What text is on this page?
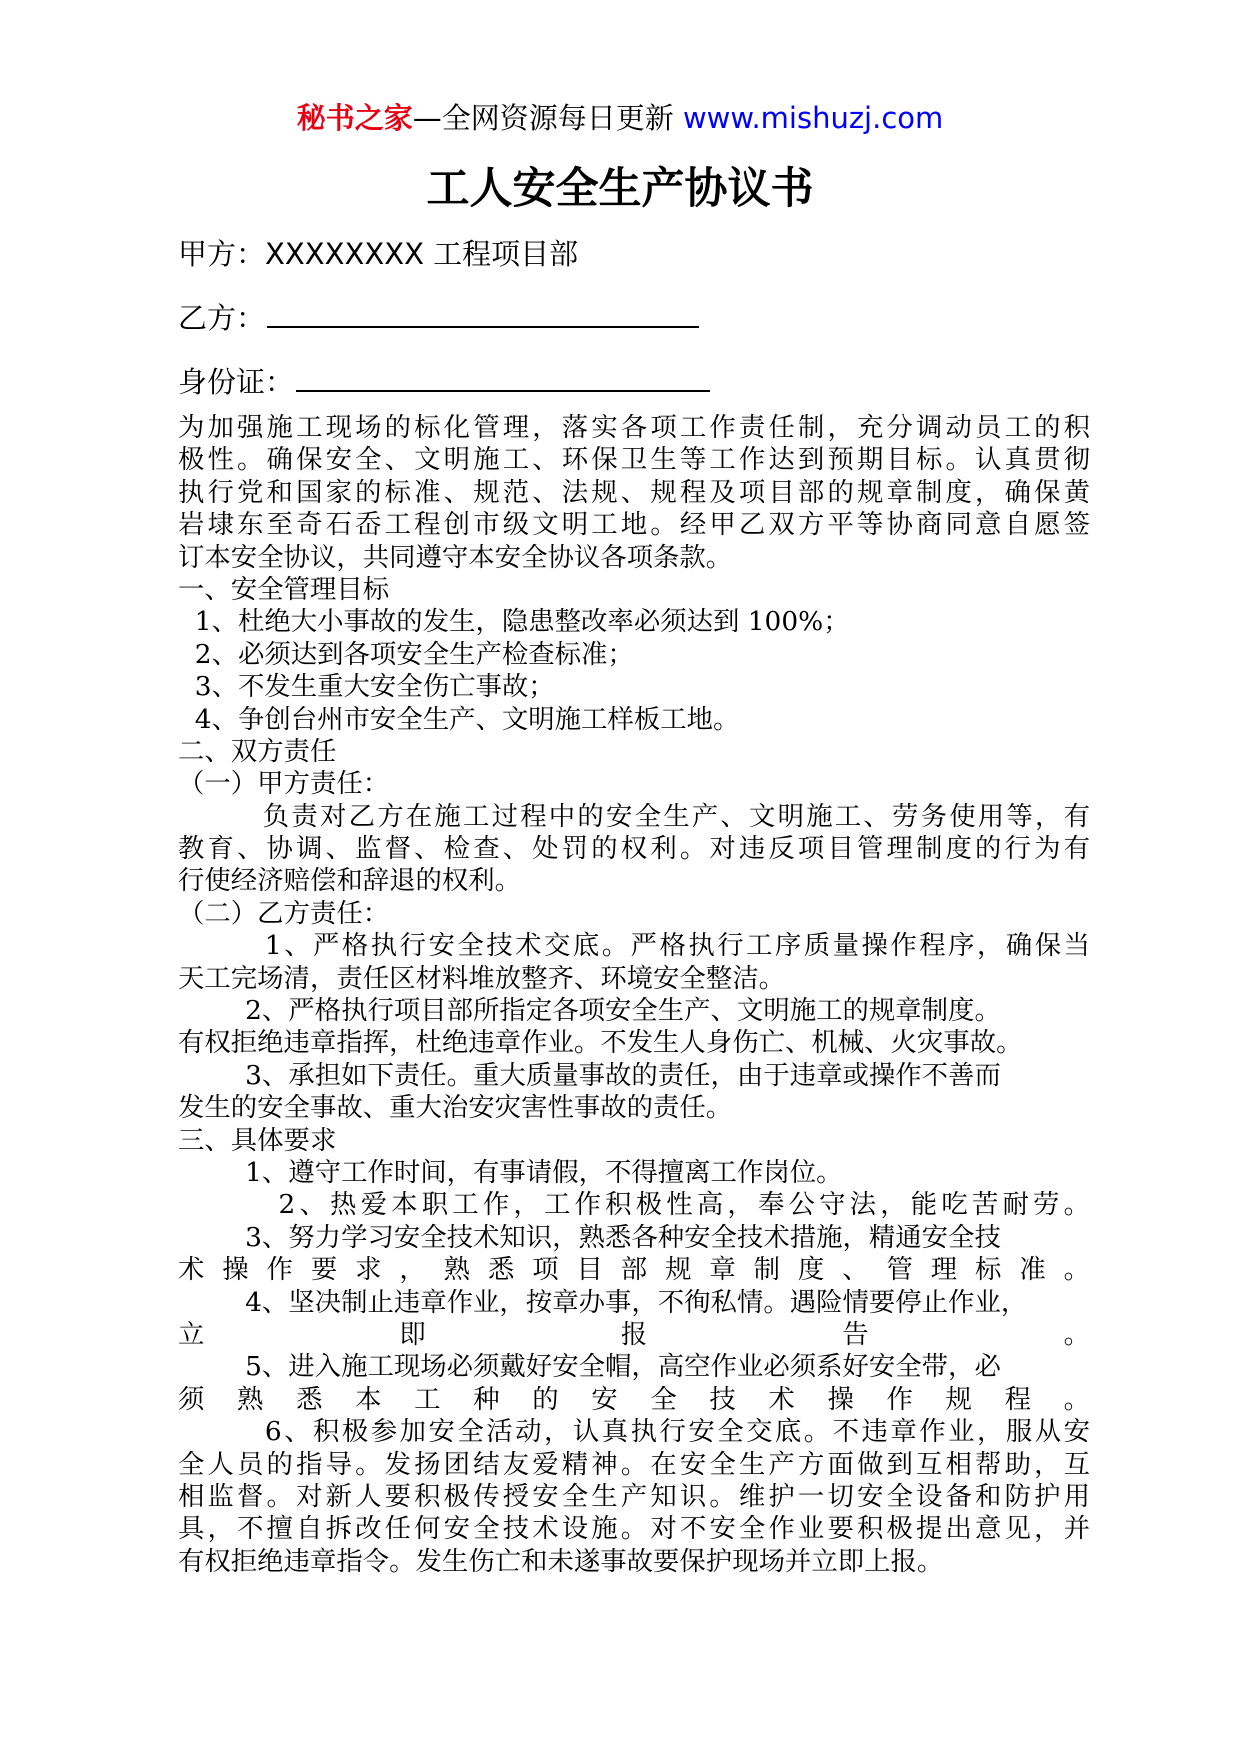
秘书之家—全网资源每日更新 www.mishuzj.com
工人安全生产协议书
甲方：XXXXXXXX 工程项目部
乙方：
身份证：
为加强施工现场的标化管理，落实各项工作责任制，充分调动员工的积
极性。确保安全、文明施工、环保卫生等工作达到预期目标。认真贯彻
执行党和国家的标准、规范、法规、规程及项目部的规章制度，确保黄
岩埭东至奇石岙工程创市级文明工地。经甲乙双方平等协商同意自愿签
订本安全协议，共同遵守本安全协议各项条款。
一、安全管理目标
1、杜绝大小事故的发生，隐患整改率必须达到 100%；
2、必须达到各项安全生产检查标准；
3、不发生重大安全伤亡事故；
4、争创台州市安全生产、文明施工样板工地。
二、双方责任
（一）甲方责任：
负责对乙方在施工过程中的安全生产、文明施工、劳务使用等，有
教育、协调、监督、检查、处罚的权利。对违反项目管理制度的行为有
行使经济赔偿和辞退的权利。
（二）乙方责任：
1、严格执行安全技术交底。严格执行工序质量操作程序，确保当
天工完场清，责任区材料堆放整齐、环境安全整洁。
2、严格执行项目部所指定各项安全生产、文明施工的规章制度。
有权拒绝违章指挥，杜绝违章作业。不发生人身伤亡、机械、火灾事故。
3、承担如下责任。重大质量事故的责任，由于违章或操作不善而
发生的安全事故、重大治安灾害性事故的责任。
三、具体要求
1、遵守工作时间，有事请假，不得擅离工作岗位。
2、热爱本职工作，工作积极性高，奉公守法，能吃苦耐劳。
3、努力学习安全技术知识，熟悉各种安全技术措施，精通安全技
术操作要求，熟悉项目部规章制度、管理标准。
4、坚决制止违章作业，按章办事，不徇私情。遇险情要停止作业，
立即报告。
5、进入施工现场必须戴好安全帽，高空作业必须系好安全带，必
须熟悉本工种的安全技术操作规程。
6、积极参加安全活动，认真执行安全交底。不违章作业，服从安
全人员的指导。发扬团结友爱精神。在安全生产方面做到互相帮助，互
相监督。对新人要积极传授安全生产知识。维护一切安全设备和防护用
具，不擅自拆改任何安全技术设施。对不安全作业要积极提出意见，并
有权拒绝违章指令。发生伤亡和未遂事故要保护现场并立即上报。
